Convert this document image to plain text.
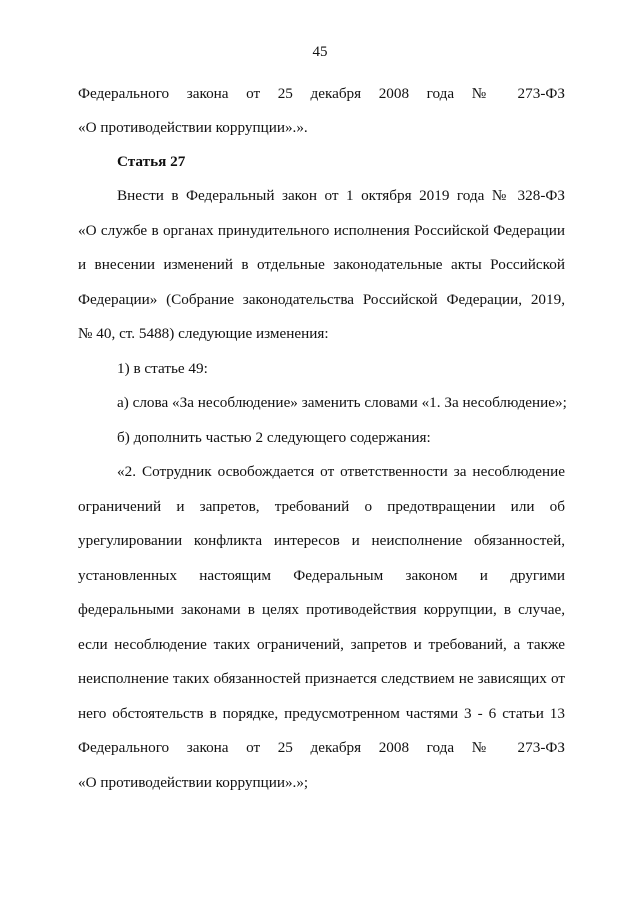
45
Федерального закона от 25 декабря 2008 года № 273-ФЗ
«О противодействии коррупции».».
Статья 27
Внести в Федеральный закон от 1 октября 2019 года № 328-ФЗ
«О службе в органах принудительного исполнения Российской Федерации
и внесении изменений в отдельные законодательные акты Российской
Федерации» (Собрание законодательства Российской Федерации, 2019,
№ 40, ст. 5488) следующие изменения:
1) в статье 49:
а) слова «За несоблюдение» заменить словами «1. За несоблюдение»;
б) дополнить частью 2 следующего содержания:
«2. Сотрудник освобождается от ответственности за несоблюдение
ограничений и запретов, требований о предотвращении или об
урегулировании конфликта интересов и неисполнение обязанностей,
установленных настоящим Федеральным законом и другими
федеральными законами в целях противодействия коррупции, в случае,
если несоблюдение таких ограничений, запретов и требований, а также
неисполнение таких обязанностей признается следствием не зависящих от
него обстоятельств в порядке, предусмотренном частями 3 - 6 статьи 13
Федерального закона от 25 декабря 2008 года № 273-ФЗ
«О противодействии коррупции».»;
